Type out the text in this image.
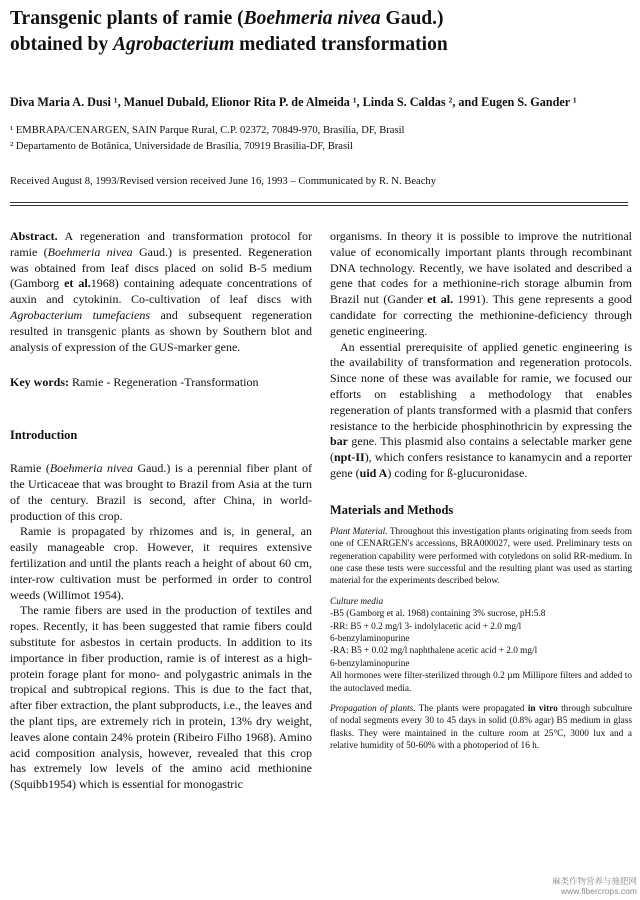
Transgenic plants of ramie (Boehmeria nivea Gaud.)
obtained by Agrobacterium mediated transformation
Diva Maria A. Dusi ¹, Manuel Dubald, Elionor Rita P. de Almeida ¹, Linda S. Caldas ², and Eugen S. Gander ¹
¹ EMBRAPA/CENARGEN, SAIN Parque Rural, C.P. 02372, 70849-970, Brasília, DF, Brasil
² Departamento de Botânica, Universidade de Brasília, 70919 Brasília-DF, Brasil
Received August 8, 1993/Revised version received June 16, 1993 – Communicated by R. N. Beachy

Abstract. A regeneration and transformation protocol for ramie (Boehmeria nivea Gaud.) is presented. Regeneration was obtained from leaf discs placed on solid B-5 medium (Gamborg et al.1968) containing adequate concentrations of auxin and cytokinin. Co-cultivation of leaf discs with Agrobacterium tumefaciens and subsequent regeneration resulted in transgenic plants as shown by Southern blot and analysis of expression of the GUS-marker gene.

Key words: Ramie - Regeneration -Transformation

Introduction

Ramie (Boehmeria nivea Gaud.) is a perennial fiber plant of the Urticaceae that was brought to Brazil from Asia at the turn of the century. Brazil is second, after China, in world-production of this crop.

Ramie is propagated by rhizomes and is, in general, an easily manageable crop. However, it requires extensive fertilization and until the plants reach a height of about 60 cm, inter-row cultivation must be performed in order to control weeds (Willimot 1954).

The ramie fibers are used in the production of textiles and ropes. Recently, it has been suggested that ramie fibers could substitute for asbestos in certain products. In addition to its importance in fiber production, ramie is of interest as a high-protein forage plant for mono- and polygastric animals in the tropical and subtropical regions. This is due to the fact that, after fiber extraction, the plant subproducts, i.e., the leaves and the plant tips, are extremely rich in protein, 13% dry weight, leaves alone contain 24% protein (Ribeiro Filho 1968). Amino acid composition analysis, however, revealed that this crop has extremely low levels of the amino acid methionine (Squibb1954) which is essential for monogastric

organisms. In theory it is possible to improve the nutritional value of economically important plants through recombinant DNA technology. Recently, we have isolated and described a gene that codes for a methionine-rich storage albumin from Brazil nut (Gander et al. 1991). This gene represents a good candidate for correcting the methionine-deficiency through genetic engineering.

An essential prerequisite of applied genetic engineering is the availability of transformation and regeneration protocols. Since none of these was available for ramie, we focused our efforts on establishing a methodology that enables regeneration of plants transformed with a plasmid that confers resistance to the herbicide phosphinothricin by expressing the bar gene. This plasmid also contains a selectable marker gene (npt-II), which confers resistance to kanamycin and a reporter gene (uid A) coding for ß-glucuronidase.

Materials and Methods

Plant Material. Throughout this investigation plants originating from seeds from one of CENARGEN's accessions, BRA000027, were used. Preliminary tests on regeneration capability were performed with cotyledons on solid RR-medium. In one case these tests were successful and the resulting plant was used as starting material for the experiments described below.

Culture media
-B5 (Gamborg et al. 1968) containing 3% sucrose, pH:5.8
-RR: B5 + 0.2 mg/l 3- indolylacetic acid + 2.0 mg/l
6-benzylaminopurine
-RA: B5 + 0.02 mg/l naphthalene acetic acid + 2.0 mg/l
6-benzylaminopurine

All hormones were filter-sterilized through 0.2 µm Millipore filters and added to the autoclaved media.

Propagation of plants. The plants were propagated in vitro through subculture of nodal segments every 30 to 45 days in solid (0.8% agar) B5 medium in glass flasks. They were maintained in the culture room at 25°C, 3000 lux and a relative humidity of 50-60% with a photoperiod of 16 h.

麻类作物营养与施肥网
www.fibercrops.com
